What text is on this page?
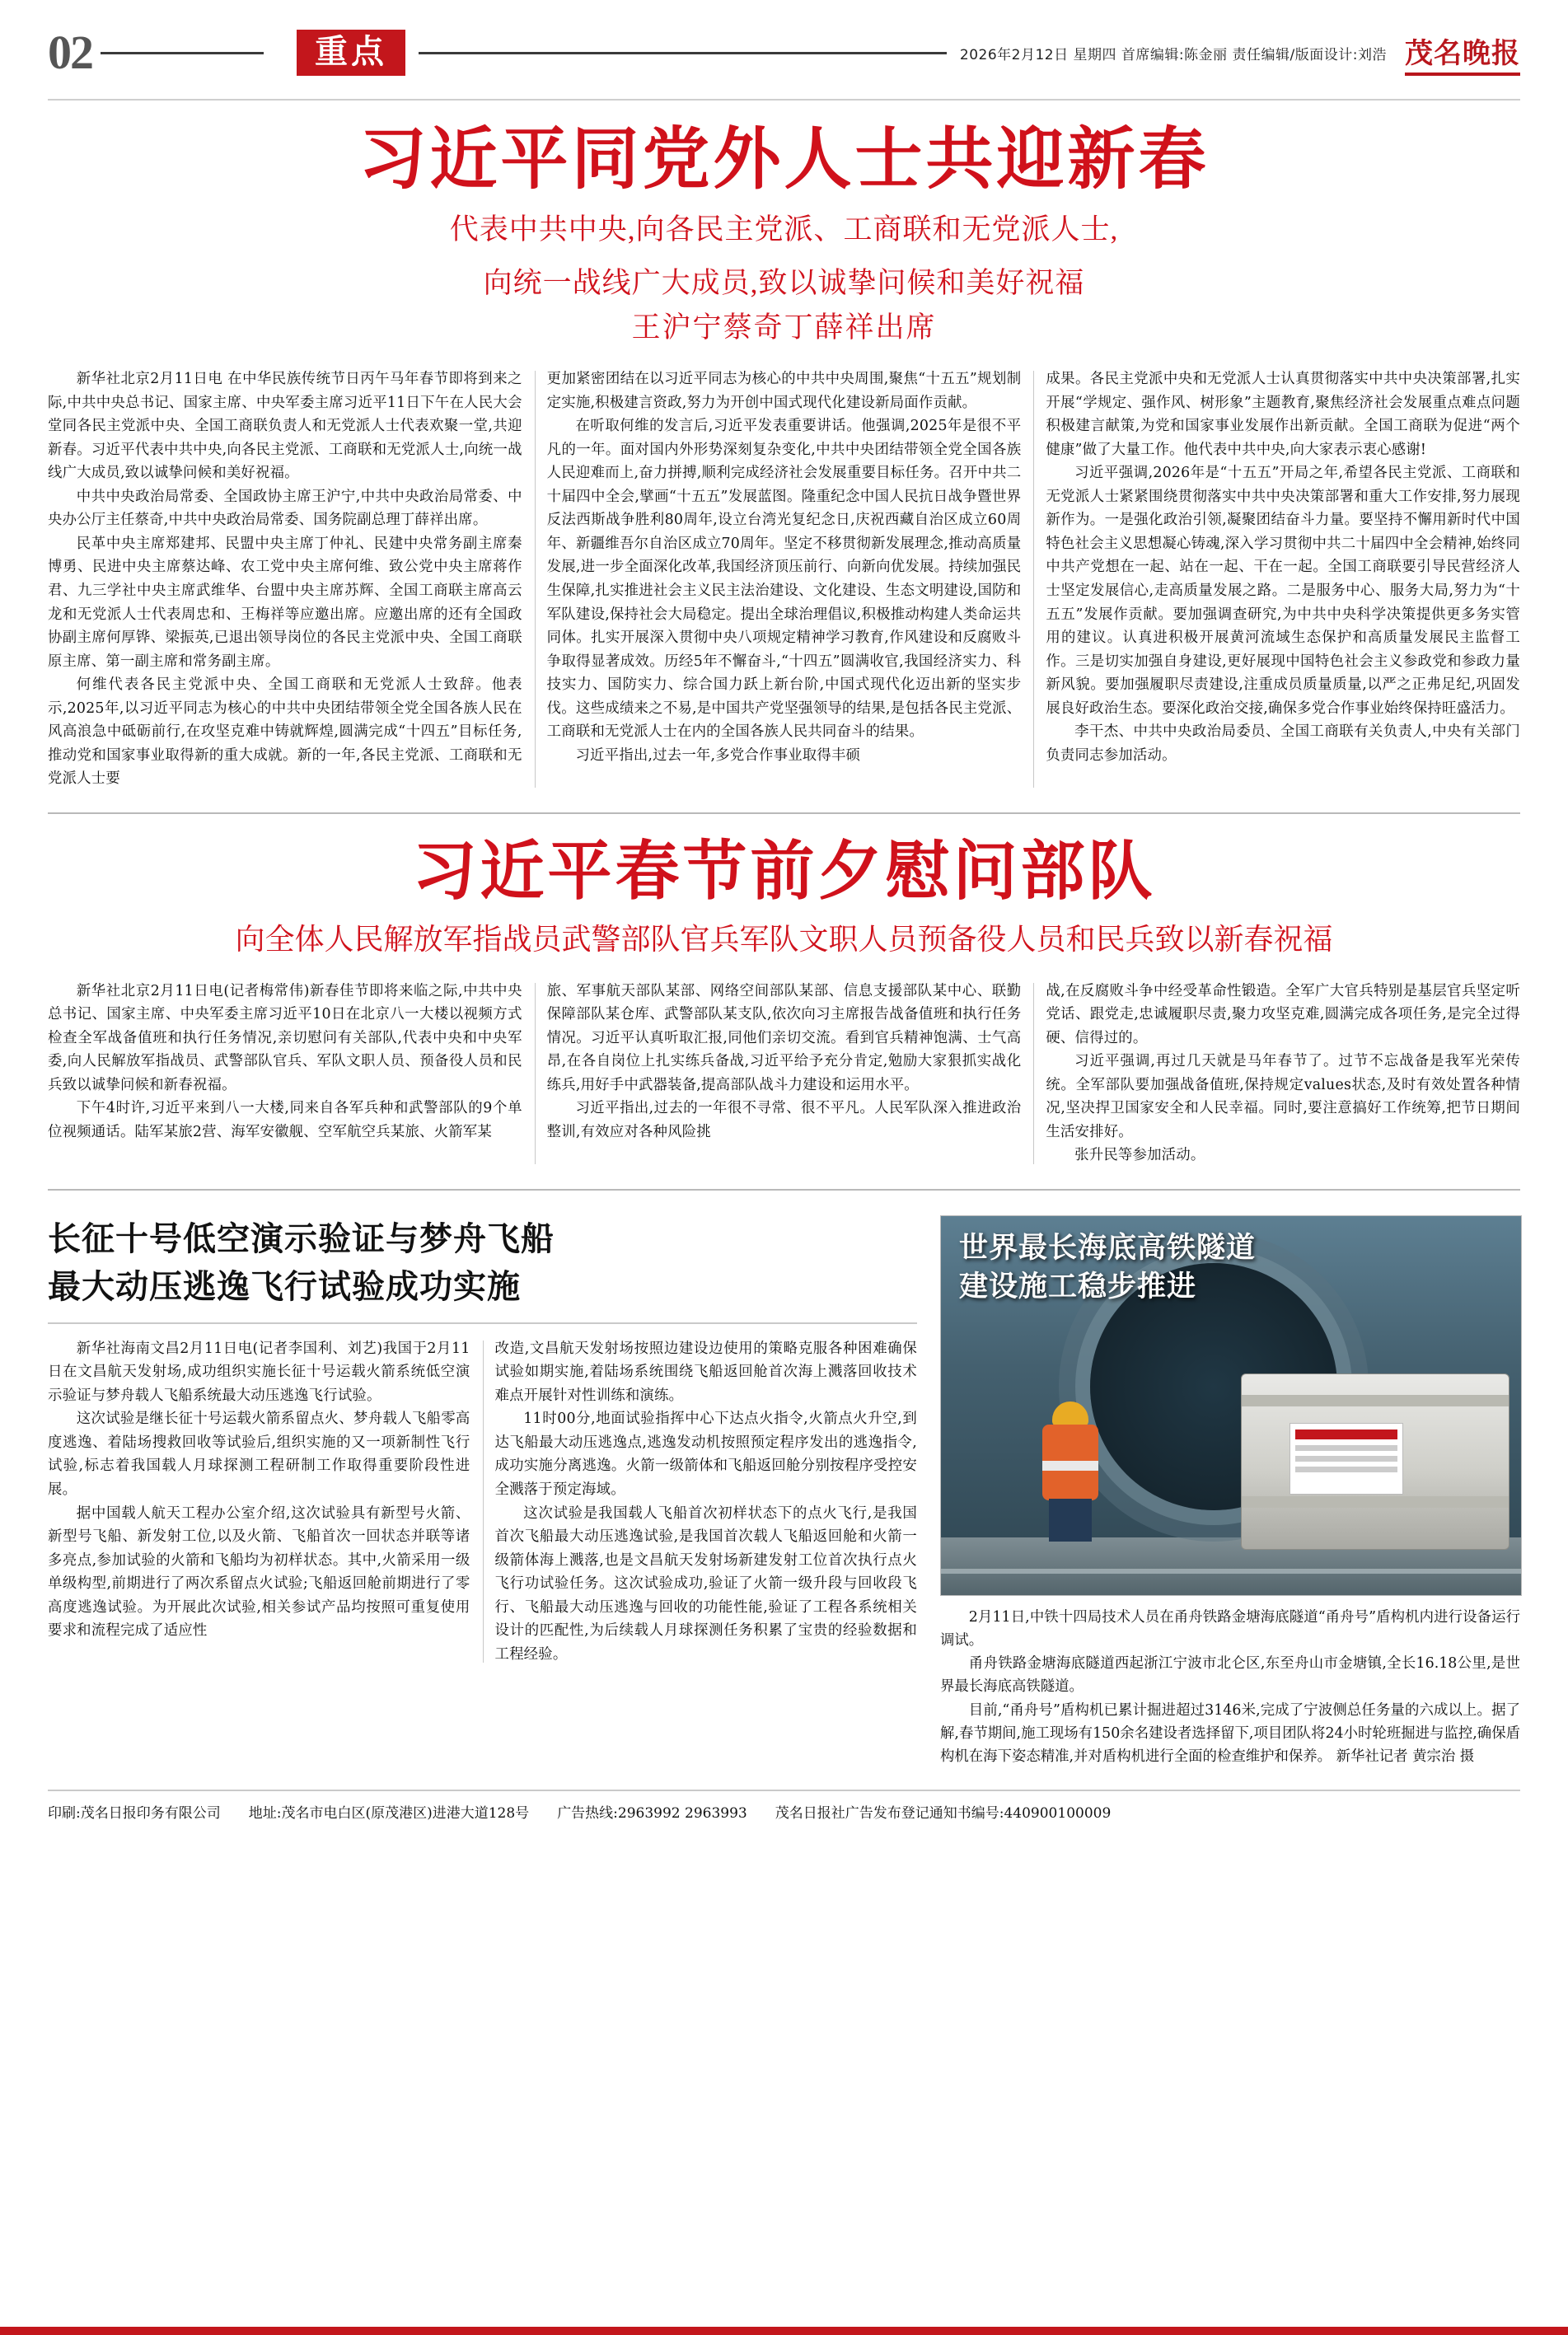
02	重点	2026年2月12日 星期四 首席编辑:陈金丽 责任编辑/版面设计:刘浩 茂名晚报
习近平同党外人士共迎新春
代表中共中央,向各民主党派、工商联和无党派人士,
向统一战线广大成员,致以诚挚问候和美好祝福
王沪宁蔡奇丁薛祥出席

新华社北京2月11日电 在中华民族传统节日丙午马年春节即将到来之际,中共中央总书记、国家主席、中央军委主席习近平11日下午在人民大会堂同各民主党派中央、全国工商联负责人和无党派人士代表欢聚一堂,共迎新春。习近平代表中共中央,向各民主党派、工商联和无党派人士,向统一战线广大成员,致以诚挚问候和美好祝福。

中共中央政治局常委、全国政协主席王沪宁,中共中央政治局常委、中央办公厅主任蔡奇,中共中央政治局常委、国务院副总理丁薛祥出席。

民革中央主席郑建邦、民盟中央主席丁仲礼、民建中央常务副主席秦博勇、民进中央主席蔡达峰、农工党中央主席何维、致公党中央主席蒋作君、九三学社中央主席武维华、台盟中央主席苏辉、全国工商联主席高云龙和无党派人士代表周忠和、王梅祥等应邀出席。应邀出席的还有全国政协副主席何厚铧、梁振英,已退出领导岗位的各民主党派中央、全国工商联原主席、第一副主席和常务副主席。

何维代表各民主党派中央、全国工商联和无党派人士致辞。他表示,2025年,以习近平同志为核心的中共中央团结带领全党全国各族人民在风高浪急中砥砺前行,在攻坚克难中铸就辉煌,圆满完成“十四五”目标任务,推动党和国家事业取得新的重大成就。新的一年,各民主党派、工商联和无党派人士要

更加紧密团结在以习近平同志为核心的中共中央周围,聚焦“十五五”规划制定实施,积极建言资政,努力为开创中国式现代化建设新局面作贡献。

在听取何维的发言后,习近平发表重要讲话。他强调,2025年是很不平凡的一年。面对国内外形势深刻复杂变化,中共中央团结带领全党全国各族人民迎难而上,奋力拼搏,顺利完成经济社会发展重要目标任务。召开中共二十届四中全会,擘画“十五五”发展蓝图。隆重纪念中国人民抗日战争暨世界反法西斯战争胜利80周年,设立台湾光复纪念日,庆祝西藏自治区成立60周年、新疆维吾尔自治区成立70周年。坚定不移贯彻新发展理念,推动高质量发展,进一步全面深化改革,我国经济顶压前行、向新向优发展。持续加强民生保障,扎实推进社会主义民主法治建设、文化建设、生态文明建设,国防和军队建设,保持社会大局稳定。提出全球治理倡议,积极推动构建人类命运共同体。扎实开展深入贯彻中央八项规定精神学习教育,作风建设和反腐败斗争取得显著成效。历经5年不懈奋斗,“十四五”圆满收官,我国经济实力、科技实力、国防实力、综合国力跃上新台阶,中国式现代化迈出新的坚实步伐。这些成绩来之不易,是中国共产党坚强领导的结果,是包括各民主党派、工商联和无党派人士在内的全国各族人民共同奋斗的结果。

习近平指出,过去一年,多党合作事业取得丰硕

成果。各民主党派中央和无党派人士认真贯彻落实中共中央决策部署,扎实开展“学规定、强作风、树形象”主题教育,聚焦经济社会发展重点难点问题积极建言献策,为党和国家事业发展作出新贡献。全国工商联为促进“两个健康”做了大量工作。他代表中共中央,向大家表示衷心感谢!

习近平强调,2026年是“十五五”开局之年,希望各民主党派、工商联和无党派人士紧紧围绕贯彻落实中共中央决策部署和重大工作安排,努力展现新作为。一是强化政治引领,凝聚团结奋斗力量。要坚持不懈用新时代中国特色社会主义思想凝心铸魂,深入学习贯彻中共二十届四中全会精神,始终同中共产党想在一起、站在一起、干在一起。全国工商联要引导民营经济人士坚定发展信心,走高质量发展之路。二是服务中心、服务大局,努力为“十五五”发展作贡献。要加强调查研究,为中共中央科学决策提供更多务实管用的建议。认真进积极开展黄河流域生态保护和高质量发展民主监督工作。三是切实加强自身建设,更好展现中国特色社会主义参政党和参政力量新风貌。要加强履职尽责建设,注重成员质量质量,以严之正弗足纪,巩固发展良好政治生态。要深化政治交接,确保多党合作事业始终保持旺盛活力。

李干杰、中共中央政治局委员、全国工商联有关负责人,中央有关部门负责同志参加活动。

习近平春节前夕慰问部队
向全体人民解放军指战员武警部队官兵军队文职人员预备役人员和民兵致以新春祝福

新华社北京2月11日电(记者梅常伟)新春佳节即将来临之际,中共中央总书记、国家主席、中央军委主席习近平10日在北京八一大楼以视频方式检查全军战备值班和执行任务情况,亲切慰问有关部队,代表中央和中央军委,向人民解放军指战员、武警部队官兵、军队文职人员、预备役人员和民兵致以诚挚问候和新春祝福。

下午4时许,习近平来到八一大楼,同来自各军兵种和武警部队的9个单位视频通话。陆军某旅2营、海军安徽舰、空军航空兵某旅、火箭军某

旅、军事航天部队某部、网络空间部队某部、信息支援部队某中心、联勤保障部队某仓库、武警部队某支队,依次向习主席报告战备值班和执行任务情况。习近平认真听取汇报,同他们亲切交流。看到官兵精神饱满、士气高昂,在各自岗位上扎实练兵备战,习近平给予充分肯定,勉励大家狠抓实战化练兵,用好手中武器装备,提高部队战斗力建设和运用水平。

习近平指出,过去的一年很不寻常、很不平凡。人民军队深入推进政治整训,有效应对各种风险挑

战,在反腐败斗争中经受革命性锻造。全军广大官兵特别是基层官兵坚定听党话、跟党走,忠诚履职尽责,聚力攻坚克难,圆满完成各项任务,是完全过得硬、信得过的。

习近平强调,再过几天就是马年春节了。过节不忘战备是我军光荣传统。全军部队要加强战备值班,保持规定values状态,及时有效处置各种情况,坚决捍卫国家安全和人民幸福。同时,要注意搞好工作统筹,把节日期间生活安排好。

张升民等参加活动。

长征十号低空演示验证与梦舟飞船
最大动压逃逸飞行试验成功实施

新华社海南文昌2月11日电(记者李国利、刘艺)我国于2月11日在文昌航天发射场,成功组织实施长征十号运载火箭系统低空演示验证与梦舟载人飞船系统最大动压逃逸飞行试验。

这次试验是继长征十号运载火箭系留点火、梦舟载人飞船零高度逃逸、着陆场搜救回收等试验后,组织实施的又一项新制性飞行试验,标志着我国载人月球探测工程研制工作取得重要阶段性进展。

据中国载人航天工程办公室介绍,这次试验具有新型号火箭、新型号飞船、新发射工位,以及火箭、飞船首次一回状态并联等诸多亮点,参加试验的火箭和飞船均为初样状态。其中,火箭采用一级单级构型,前期进行了两次系留点火试验;飞船返回舱前期进行了零高度逃逸试验。为开展此次试验,相关参试产品均按照可重复使用要求和流程完成了适应性

改造,文昌航天发射场按照边建设边使用的策略克服各种困难确保试验如期实施,着陆场系统围绕飞船返回舱首次海上溅落回收技术难点开展针对性训练和演练。

11时00分,地面试验指挥中心下达点火指令,火箭点火升空,到达飞船最大动压逃逸点,逃逸发动机按照预定程序发出的逃逸指令,成功实施分离逃逸。火箭一级箭体和飞船返回舱分别按程序受控安全溅落于预定海域。

这次试验是我国载人飞船首次初样状态下的点火飞行,是我国首次飞船最大动压逃逸试验,是我国首次载人飞船返回舱和火箭一级箭体海上溅落,也是文昌航天发射场新建发射工位首次执行点火飞行功试验任务。这次试验成功,验证了火箭一级升段与回收段飞行、飞船最大动压逃逸与回收的功能性能,验证了工程各系统相关设计的匹配性,为后续载人月球探测任务积累了宝贵的经验数据和工程经验。

世界最长海底高铁隧道
建设施工稳步推进

2月11日,中铁十四局技术人员在甬舟铁路金塘海底隧道“甬舟号”盾构机内进行设备运行调试。

甬舟铁路金塘海底隧道西起浙江宁波市北仑区,东至舟山市金塘镇,全长16.18公里,是世界最长海底高铁隧道。

目前,“甬舟号”盾构机已累计掘进超过3146米,完成了宁波侧总任务量的六成以上。据了解,春节期间,施工现场有150余名建设者选择留下,项目团队将24小时轮班掘进与监控,确保盾构机在海下姿态精准,并对盾构机进行全面的检查维护和保养。 新华社记者 黄宗治 摄

印刷:茂名日报印务有限公司 地址:茂名市电白区(原茂港区)进港大道128号 广告热线:2963992 2963993 茂名日报社广告发布登记通知书编号:440900100009
